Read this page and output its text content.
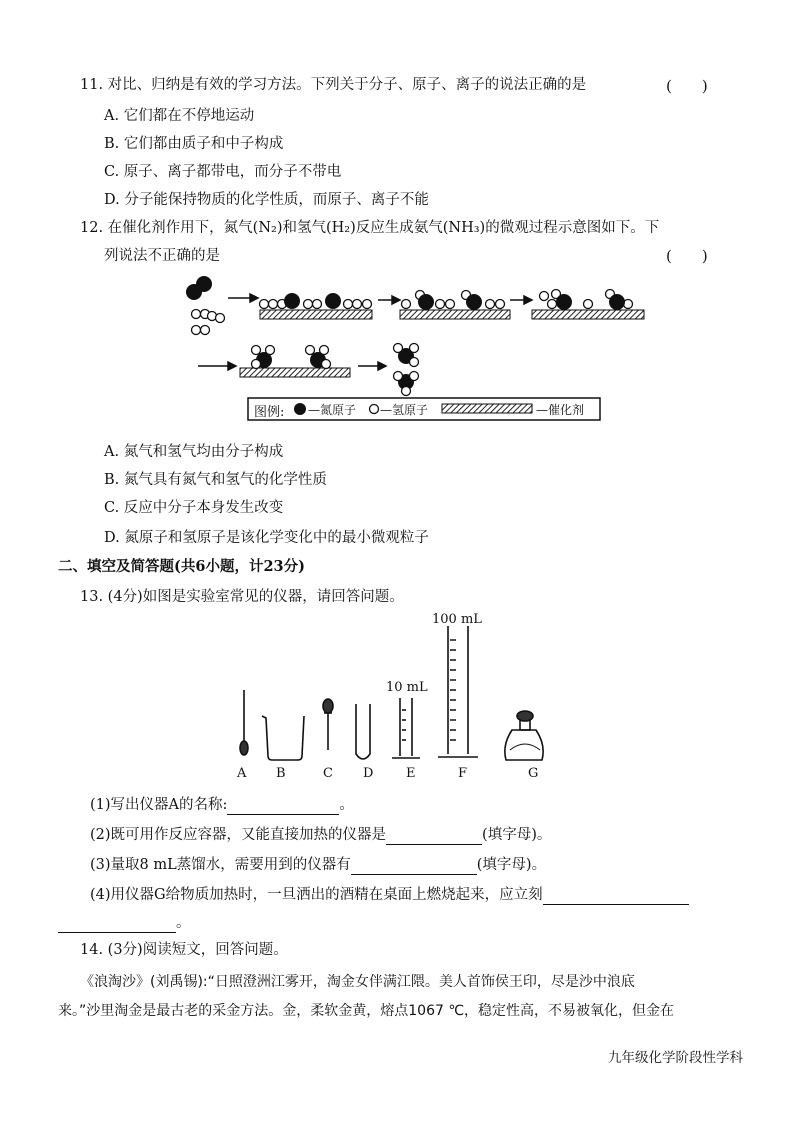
11. 对比、归纳是有效的学习方法。下列关于分子、原子、离子的说法正确的是	(　　)
A. 它们都在不停地运动
B. 它们都由质子和中子构成
C. 原子、离子都带电，而分子不带电
D. 分子能保持物质的化学性质，而原子、离子不能
12. 在催化剂作用下，氮气(N₂)和氢气(H₂)反应生成氨气(NH₃)的微观过程示意图如下。下
列说法不正确的是	(　　)
图例: —氮原子 —氢原子	—催化剂
A. 氮气和氢气均由分子构成
B. 氮气具有氮气和氢气的化学性质
C. 反应中分子本身发生改变
D. 氮原子和氢原子是该化学变化中的最小微观粒子
二、填空及简答题(共6小题，计23分)
13. (4分)如图是实验室常见的仪器，请回答问题。
100 mL
10 mL
A B	C D	E	F	G
(1)写出仪器A的名称:	。
(2)既可用作反应容器，又能直接加热的仪器是	(填字母)。
(3)量取8 mL蒸馏水，需要用到的仪器有	(填字母)。
(4)用仪器G给物质加热时，一旦洒出的酒精在桌面上燃烧起来，应立刻
。
14. (3分)阅读短文，回答问题。
《浪淘沙》(刘禹锡):“日照澄洲江雾开，淘金女伴满江隈。美人首饰侯王印，尽是沙中浪底
来。”沙里淘金是最古老的采金方法。金，柔软金黄，熔点1067 ℃，稳定性高，不易被氧化，但金在
九年级化学阶段性学科
